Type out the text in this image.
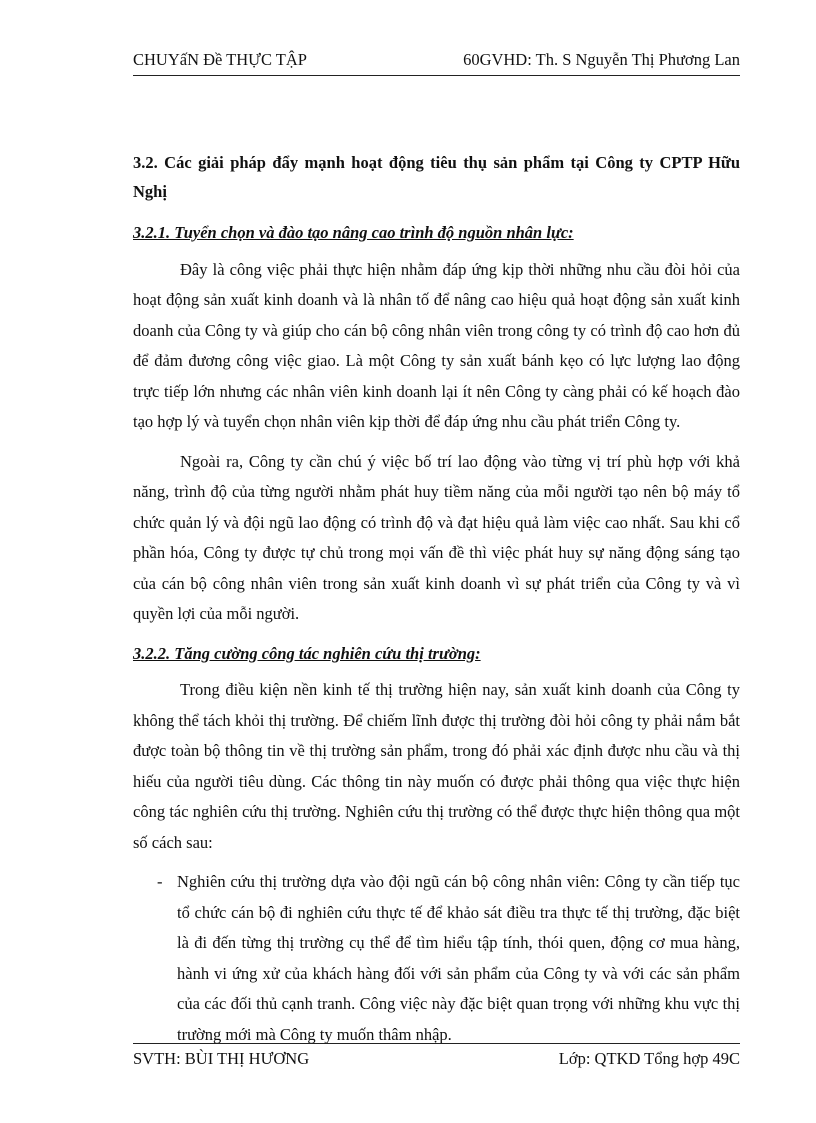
CHUYấN Đề THỰC TẬP	60GVHD: Th. S Nguyễn Thị Phương Lan
3.2. Các giải pháp đẩy mạnh hoạt động tiêu thụ sản phẩm tại Công ty CPTP Hữu Nghị
3.2.1. Tuyển chọn và đào tạo nâng cao trình độ nguồn nhân lực:

Đây là công việc phải thực hiện nhằm đáp ứng kịp thời những nhu cầu đòi hỏi của hoạt động sản xuất kinh doanh và là nhân tố để nâng cao hiệu quả hoạt động sản xuất kinh doanh của Công ty và giúp cho cán bộ công nhân viên trong công ty có trình độ cao hơn đủ để đảm đương công việc giao. Là một Công ty sản xuất bánh kẹo có lực lượng lao động trực tiếp lớn nhưng các nhân viên kinh doanh lại ít nên Công ty càng phải có kế hoạch đào tạo hợp lý và tuyển chọn nhân viên kịp thời để đáp ứng nhu cầu phát triển Công ty.

Ngoài ra, Công ty cần chú ý việc bố trí lao động vào từng vị trí phù hợp với khả năng, trình độ của từng người nhằm phát huy tiềm năng của mỗi người tạo nên bộ máy tổ chức quản lý và đội ngũ lao động có trình độ và đạt hiệu quả làm việc cao nhất. Sau khi cổ phần hóa, Công ty được tự chủ trong mọi vấn đề thì việc phát huy sự năng động sáng tạo của cán bộ công nhân viên trong sản xuất kinh doanh vì sự phát triển của Công ty và vì quyền lợi của mỗi người.

3.2.2. Tăng cường công tác nghiên cứu thị trường:

Trong điều kiện nền kinh tế thị trường hiện nay, sản xuất kinh doanh của Công ty không thể tách khỏi thị trường. Để chiếm lĩnh được thị trường đòi hỏi công ty phải nắm bắt được toàn bộ thông tin về thị trường sản phẩm, trong đó phải xác định được nhu cầu và thị hiếu của người tiêu dùng. Các thông tin này muốn có được phải thông qua việc thực hiện công tác nghiên cứu thị trường. Nghiên cứu thị trường có thể được thực hiện thông qua một số cách sau:

- Nghiên cứu thị trường dựa vào đội ngũ cán bộ công nhân viên: Công ty cần tiếp tục tổ chức cán bộ đi nghiên cứu thực tế để khảo sát điều tra thực tế thị trường, đặc biệt là đi đến từng thị trường cụ thể để tìm hiểu tập tính, thói quen, động cơ mua hàng, hành vi ứng xử của khách hàng đối với sản phẩm của Công ty và với các sản phẩm của các đối thủ cạnh tranh. Công việc này đặc biệt quan trọng với những khu vực thị trường mới mà Công ty muốn thâm nhập.
SVTH: BÙI THỊ HƯƠNG	Lớp: QTKD Tổng hợp 49C
